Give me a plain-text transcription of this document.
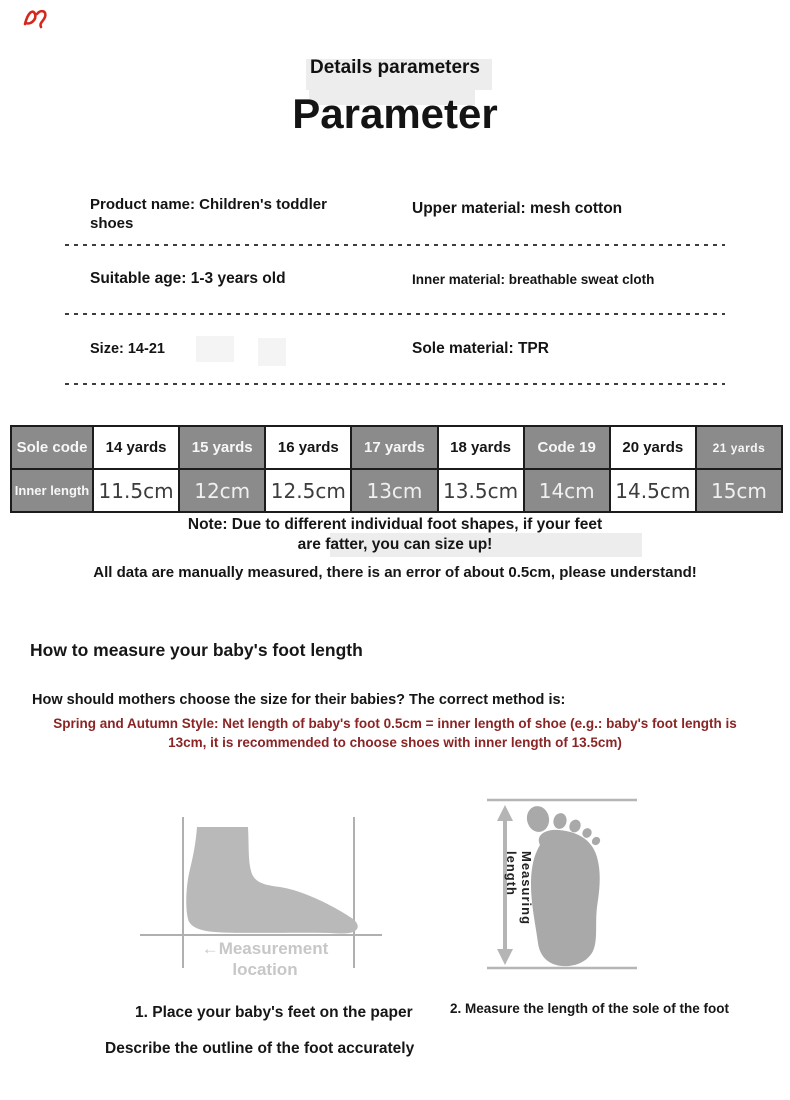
Details parameters
Parameter
Product name: Children's toddler shoes
Upper material: mesh cotton
Suitable age: 1-3 years old	Inner material: breathable sweat cloth
Size: 14-21	Sole material: TPR
Sole code	14 yards	15 yards	16 yards	17 yards	18 yards	Code 19	20 yards	21 yards
Inner length	11.5cm	12cm	12.5cm	13cm	13.5cm	14cm	14.5cm	15cm
Note: Due to different individual foot shapes, if your feet
are fatter, you can size up!
All data are manually measured, there is an error of about 0.5cm, please understand!
How to measure your baby's foot length
How should mothers choose the size for their babies? The correct method is:
Spring and Autumn Style: Net length of baby's foot 0.5cm = inner length of shoe (e.g.: baby's foot length is 13cm, it is recommended to choose shoes with inner length of 13.5cm)
←Measurement location
Measuring length
1. Place your baby's feet on the paper	2. Measure the length of the sole of the foot
Describe the outline of the foot accurately
